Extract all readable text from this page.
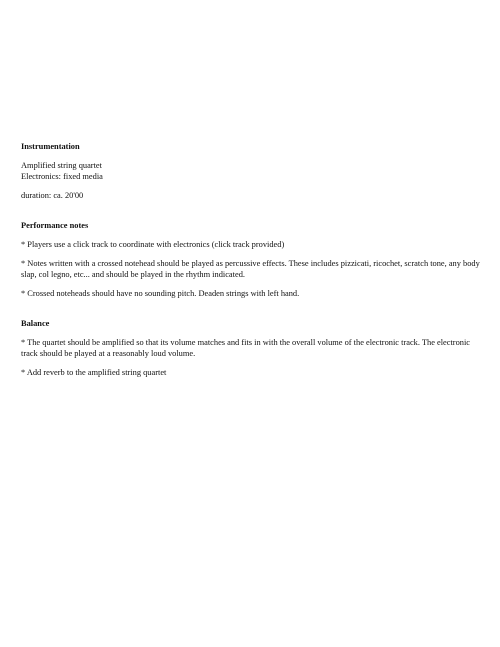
Instrumentation

Amplified string quartet
Electronics: fixed media

duration: ca. 20'00

Performance notes

* Players use a click track to coordinate with electronics (click track provided)

* Notes written with a crossed notehead should be played as percussive effects. These includes pizzicati, ricochet, scratch tone, any body slap, col legno, etc... and should be played in the rhythm indicated.

* Crossed noteheads should have no sounding pitch. Deaden strings with left hand.

Balance

* The quartet should be amplified so that its volume matches and fits in with the overall volume of the electronic track. The electronic track should be played at a reasonably loud volume.

* Add reverb to the amplified string quartet
